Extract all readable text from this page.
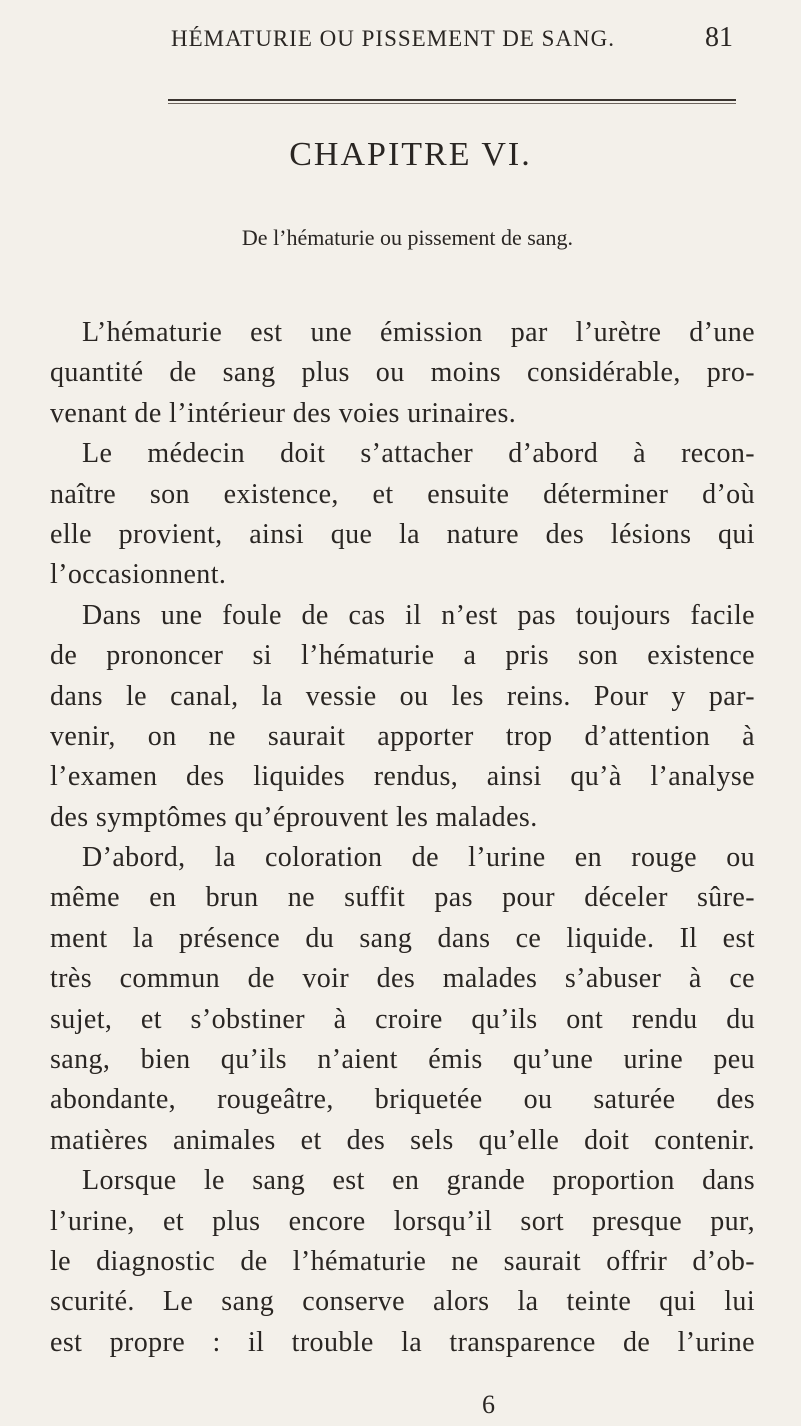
HÉMATURIE OU PISSEMENT DE SANG.	81
CHAPITRE VI.
De l’hématurie ou pissement de sang.
L’hématurie est une émission par l’urètre d’une
quantité de sang plus ou moins considérable, pro-
venant de l’intérieur des voies urinaires.
Le médecin doit s’attacher d’abord à recon-
naître son existence, et ensuite déterminer d’où
elle provient, ainsi que la nature des lésions qui
l’occasionnent.
Dans une foule de cas il n’est pas toujours facile
de prononcer si l’hématurie a pris son existence
dans le canal, la vessie ou les reins. Pour y par-
venir, on ne saurait apporter trop d’attention à
l’examen des liquides rendus, ainsi qu’à l’analyse
des symptômes qu’éprouvent les malades.
D’abord, la coloration de l’urine en rouge ou
même en brun ne suffit pas pour déceler sûre-
ment la présence du sang dans ce liquide. Il est
très commun de voir des malades s’abuser à ce
sujet, et s’obstiner à croire qu’ils ont rendu du
sang, bien qu’ils n’aient émis qu’une urine peu
abondante, rougeâtre, briquetée ou saturée des
matières animales et des sels qu’elle doit contenir.
Lorsque le sang est en grande proportion dans
l’urine, et plus encore lorsqu’il sort presque pur,
le diagnostic de l’hématurie ne saurait offrir d’ob-
scurité. Le sang conserve alors la teinte qui lui
est propre : il trouble la transparence de l’urine
6
